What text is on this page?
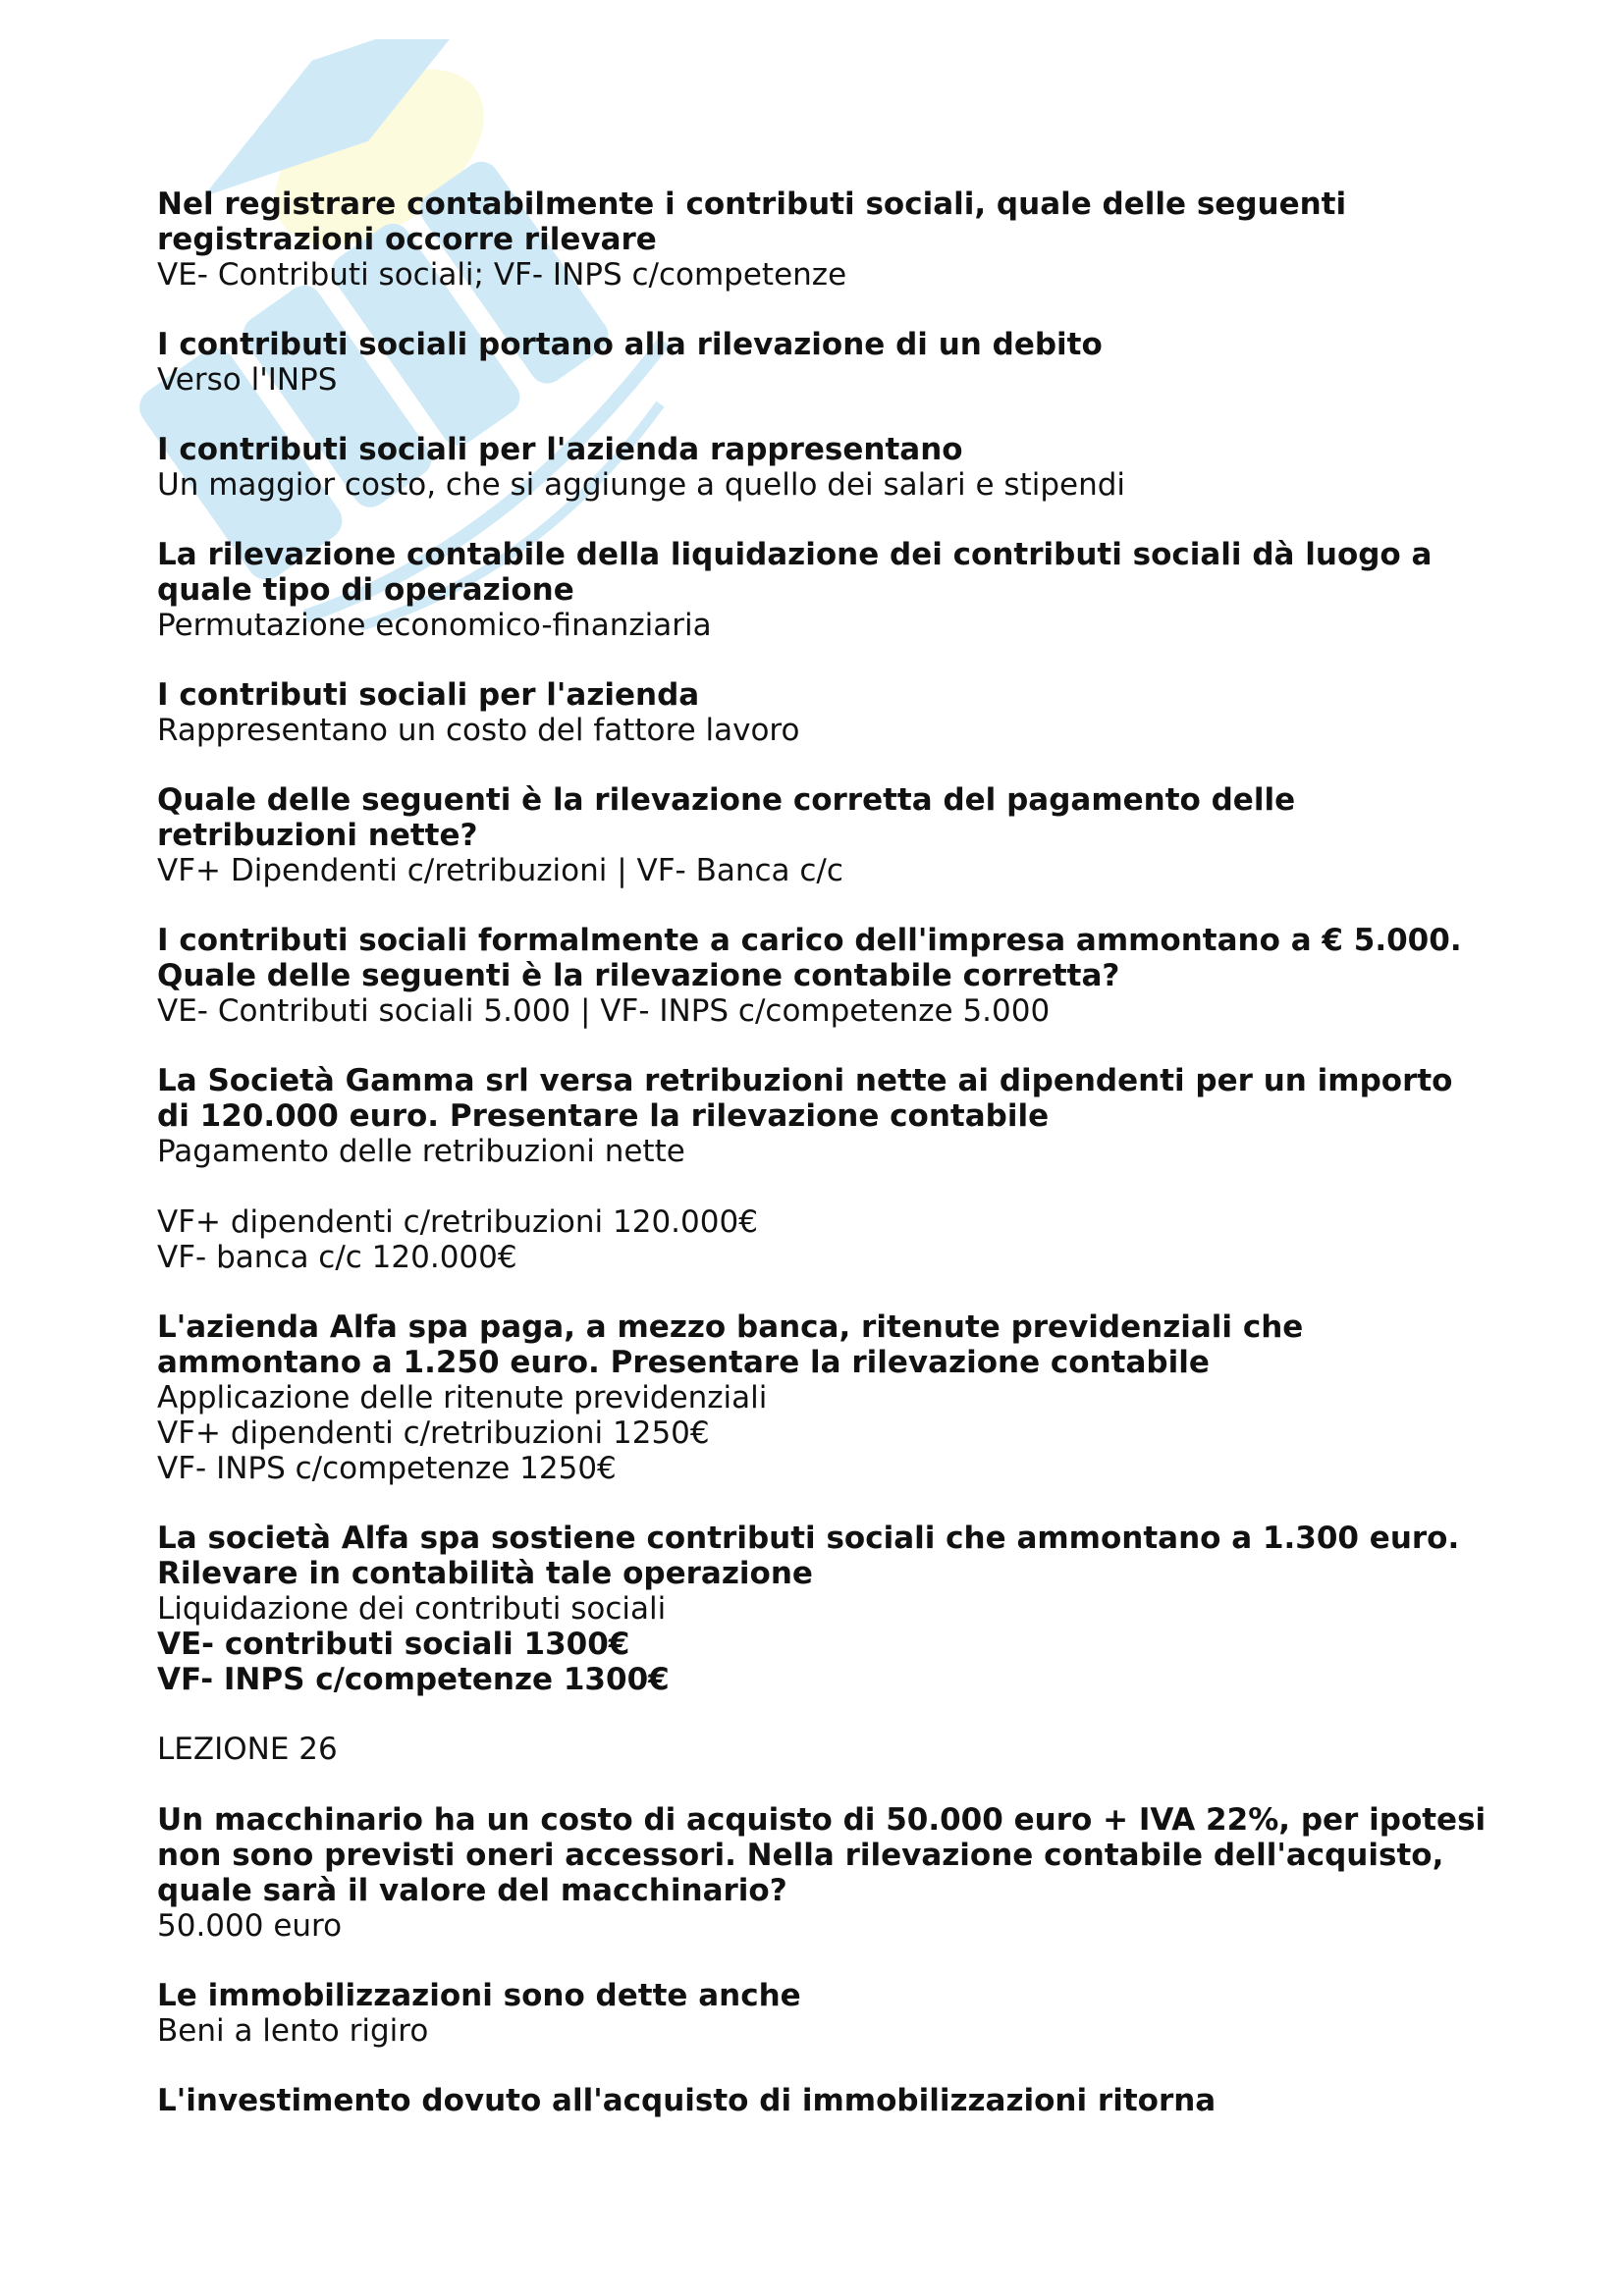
Nel registrare contabilmente i contributi sociali, quale delle seguenti

registrazioni occorre rilevare

VE- Contributi sociali; VF- INPS c/competenze

I contributi sociali portano alla rilevazione di un debito

Verso l'INPS

I contributi sociali per l'azienda rappresentano

Un maggior costo, che si aggiunge a quello dei salari e stipendi

La rilevazione contabile della liquidazione dei contributi sociali dà luogo a

quale tipo di operazione

Permutazione economico-finanziaria

I contributi sociali per l'azienda

Rappresentano un costo del fattore lavoro

Quale delle seguenti è la rilevazione corretta del pagamento delle

retribuzioni nette?

VF+ Dipendenti c/retribuzioni | VF- Banca c/c

I contributi sociali formalmente a carico dell'impresa ammontano a € 5.000.

Quale delle seguenti è la rilevazione contabile corretta?

VE- Contributi sociali 5.000 | VF- INPS c/competenze 5.000

La Società Gamma srl versa retribuzioni nette ai dipendenti per un importo

di 120.000 euro. Presentare la rilevazione contabile

Pagamento delle retribuzioni nette

VF+ dipendenti c/retribuzioni 120.000€

VF- banca c/c 120.000€

L'azienda Alfa spa paga, a mezzo banca, ritenute previdenziali che

ammontano a 1.250 euro. Presentare la rilevazione contabile

Applicazione delle ritenute previdenziali

VF+ dipendenti c/retribuzioni 1250€

VF- INPS c/competenze 1250€

La società Alfa spa sostiene contributi sociali che ammontano a 1.300 euro.

Rilevare in contabilità tale operazione

Liquidazione dei contributi sociali

VE- contributi sociali 1300€

VF- INPS c/competenze 1300€

LEZIONE 26

Un macchinario ha un costo di acquisto di 50.000 euro + IVA 22%, per ipotesi

non sono previsti oneri accessori. Nella rilevazione contabile dell'acquisto,

quale sarà il valore del macchinario?

50.000 euro

Le immobilizzazioni sono dette anche

Beni a lento rigiro

L'investimento dovuto all'acquisto di immobilizzazioni ritorna
